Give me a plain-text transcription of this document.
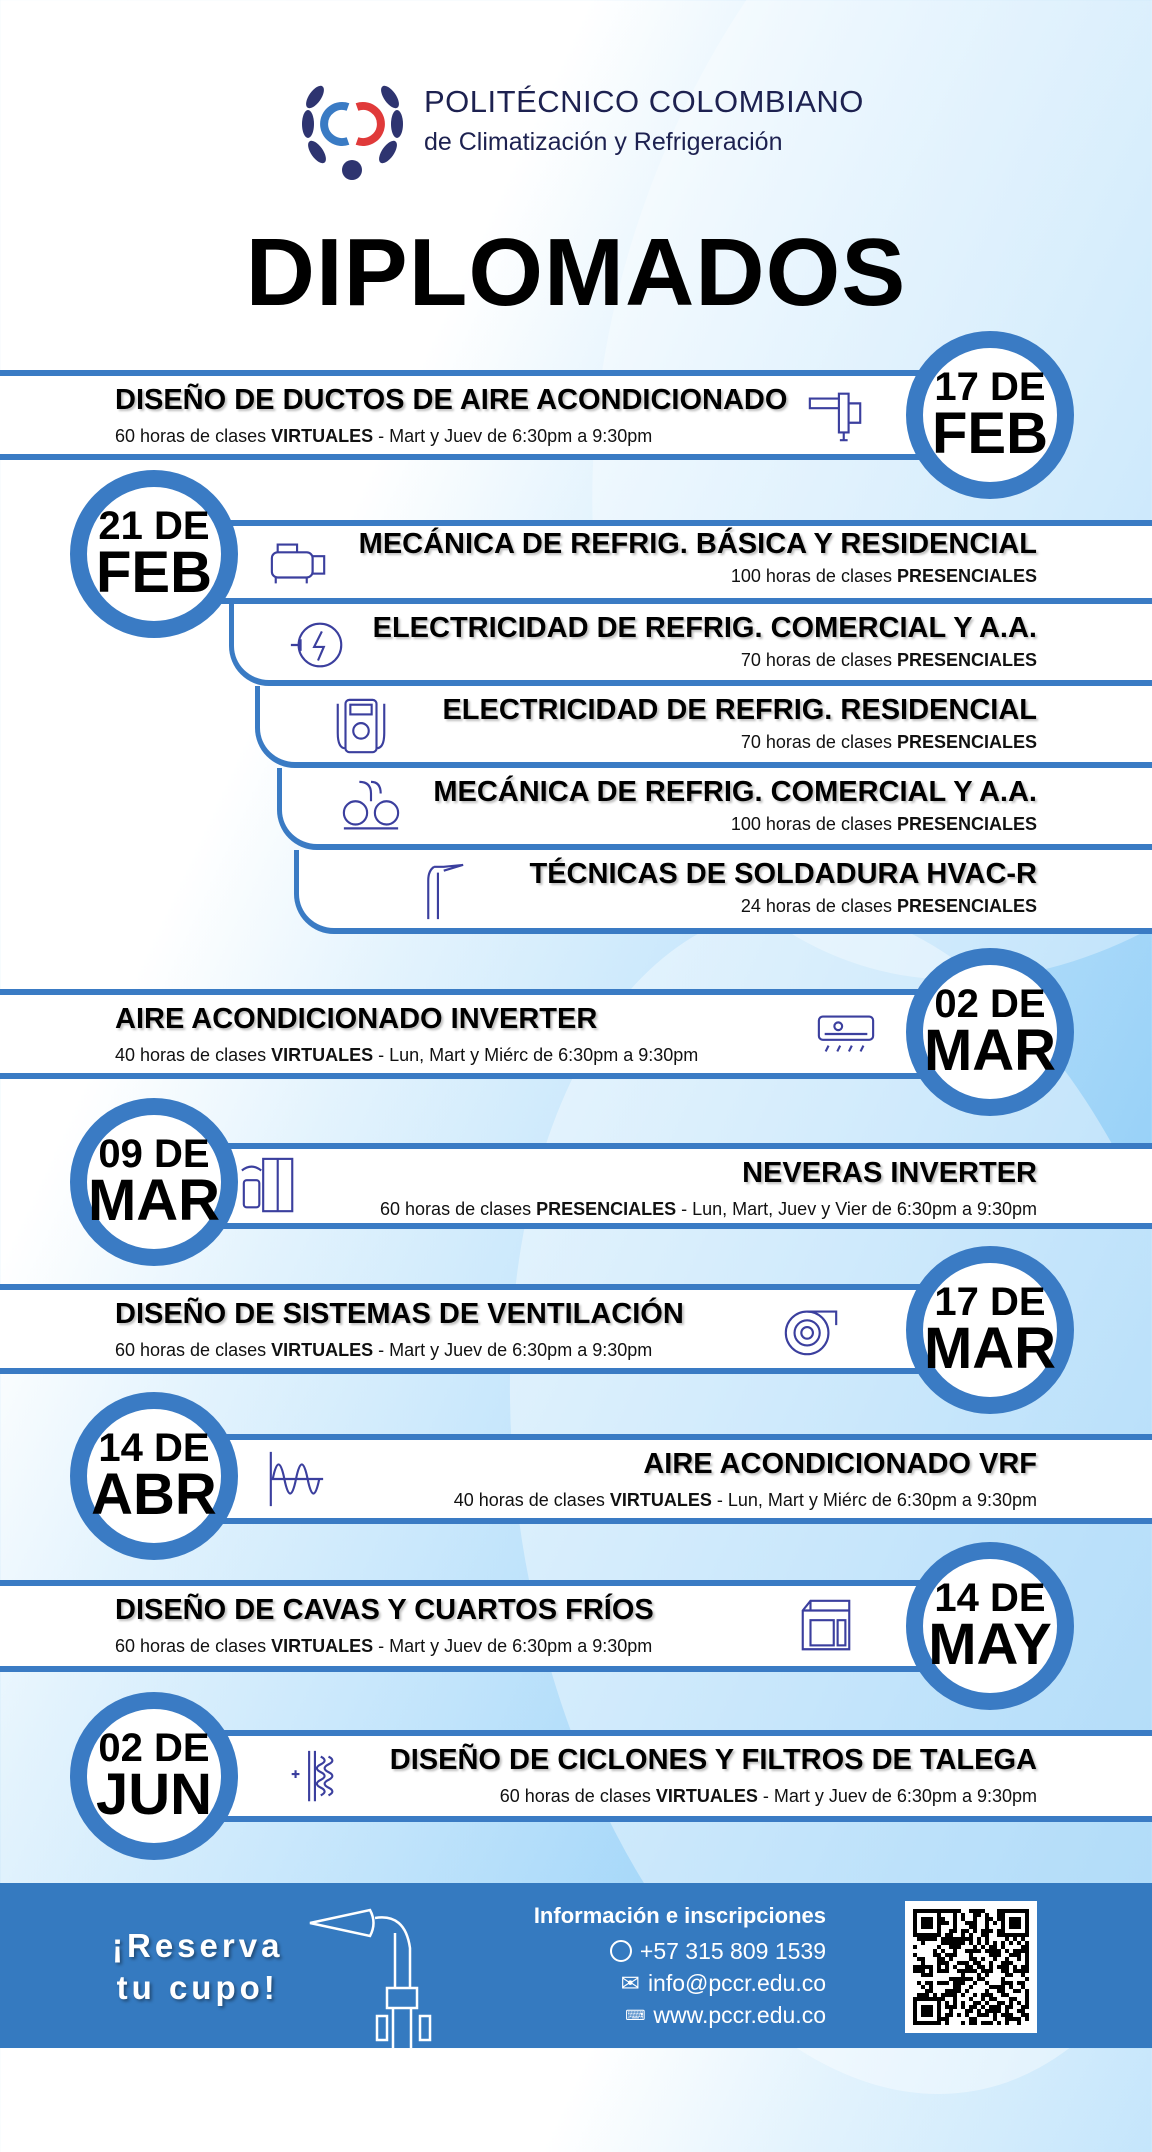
POLITÉCNICO COLOMBIANO
de Climatización y Refrigeración
DIPLOMADOS
DISEÑO DE DUCTOS DE AIRE ACONDICIONADO
60 horas de clases VIRTUALES - Mart y Juev de 6:30pm a 9:30pm
MECÁNICA DE REFRIG. BÁSICA Y RESIDENCIAL
100 horas de clases PRESENCIALES
ELECTRICIDAD DE REFRIG. COMERCIAL Y A.A.
70 horas de clases PRESENCIALES
ELECTRICIDAD DE REFRIG. RESIDENCIAL
70 horas de clases PRESENCIALES
MECÁNICA DE REFRIG. COMERCIAL Y A.A.
100 horas de clases PRESENCIALES
TÉCNICAS DE SOLDADURA HVAC-R
24 horas de clases PRESENCIALES
AIRE ACONDICIONADO INVERTER
40 horas de clases VIRTUALES - Lun, Mart y Miérc de 6:30pm a 9:30pm
NEVERAS INVERTER
60 horas de clases PRESENCIALES - Lun, Mart, Juev y Vier de 6:30pm a 9:30pm
DISEÑO DE SISTEMAS DE VENTILACIÓN
60 horas de clases VIRTUALES - Mart y Juev de 6:30pm a 9:30pm
AIRE ACONDICIONADO VRF
40 horas de clases VIRTUALES - Lun, Mart y Miérc de 6:30pm a 9:30pm
DISEÑO DE CAVAS Y CUARTOS FRÍOS
60 horas de clases VIRTUALES - Mart y Juev de 6:30pm a 9:30pm
DISEÑO DE CICLONES Y FILTROS DE TALEGA
60 horas de clases VIRTUALES - Mart y Juev de 6:30pm a 9:30pm
17 DE
FEB
21 DE
FEB
02 DE
MAR
09 DE
MAR
17 DE
MAR
14 DE
ABR
14 DE
MAY
02 DE
JUN
¡Reserva
tu cupo!
Información e inscripciones
+57 315 809 1539
✉ info@pccr.edu.co
⌨ www.pccr.edu.co
